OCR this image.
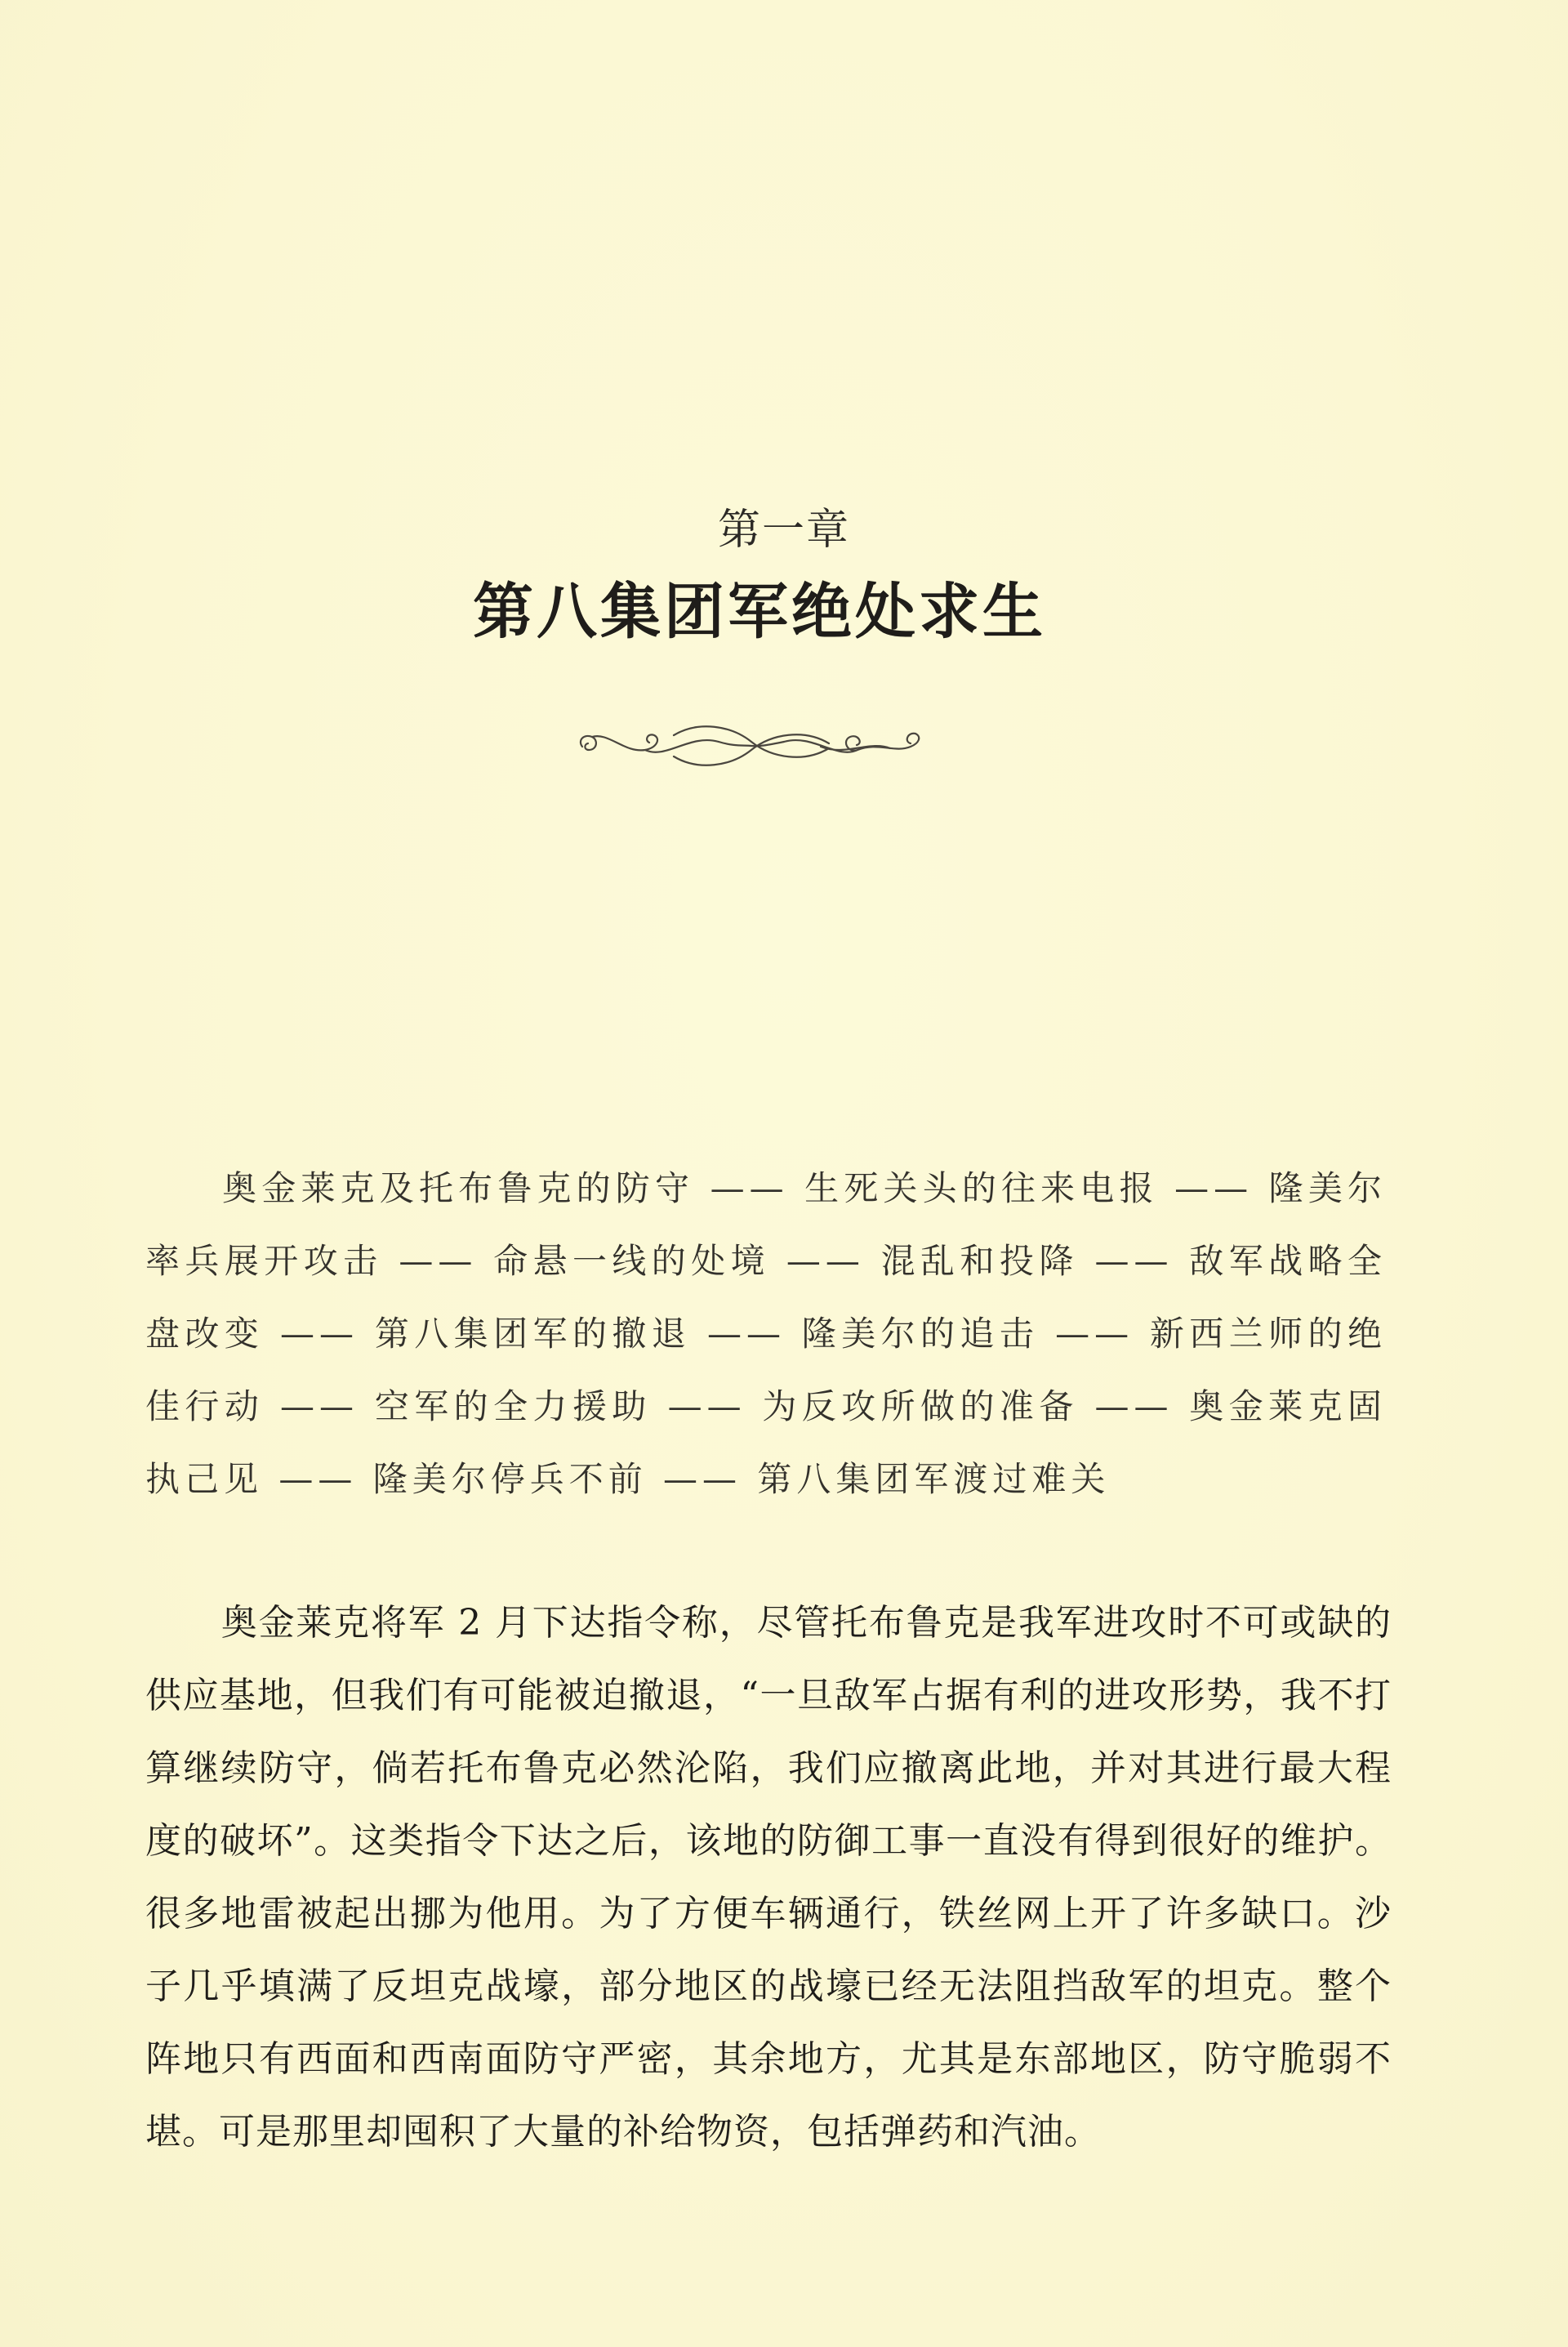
第一章
第八集团军绝处求生

奥金莱克及托布鲁克的防守 —— 生死关头的往来电报 —— 隆美尔率兵展开攻击 —— 命悬一线的处境 —— 混乱和投降 —— 敌军战略全盘改变 —— 第八集团军的撤退 —— 隆美尔的追击 —— 新西兰师的绝佳行动 —— 空军的全力援助 —— 为反攻所做的准备 —— 奥金莱克固执己见 —— 隆美尔停兵不前 —— 第八集团军渡过难关

奥金莱克将军 2 月下达指令称，尽管托布鲁克是我军进攻时不可或缺的供应基地，但我们有可能被迫撤退，“一旦敌军占据有利的进攻形势，我不打算继续防守，倘若托布鲁克必然沦陷，我们应撤离此地，并对其进行最大程度的破坏”。这类指令下达之后，该地的防御工事一直没有得到很好的维护。很多地雷被起出挪为他用。为了方便车辆通行，铁丝网上开了许多缺口。沙子几乎填满了反坦克战壕，部分地区的战壕已经无法阻挡敌军的坦克。整个阵地只有西面和西南面防守严密，其余地方，尤其是东部地区，防守脆弱不堪。可是那里却囤积了大量的补给物资，包括弹药和汽油。
